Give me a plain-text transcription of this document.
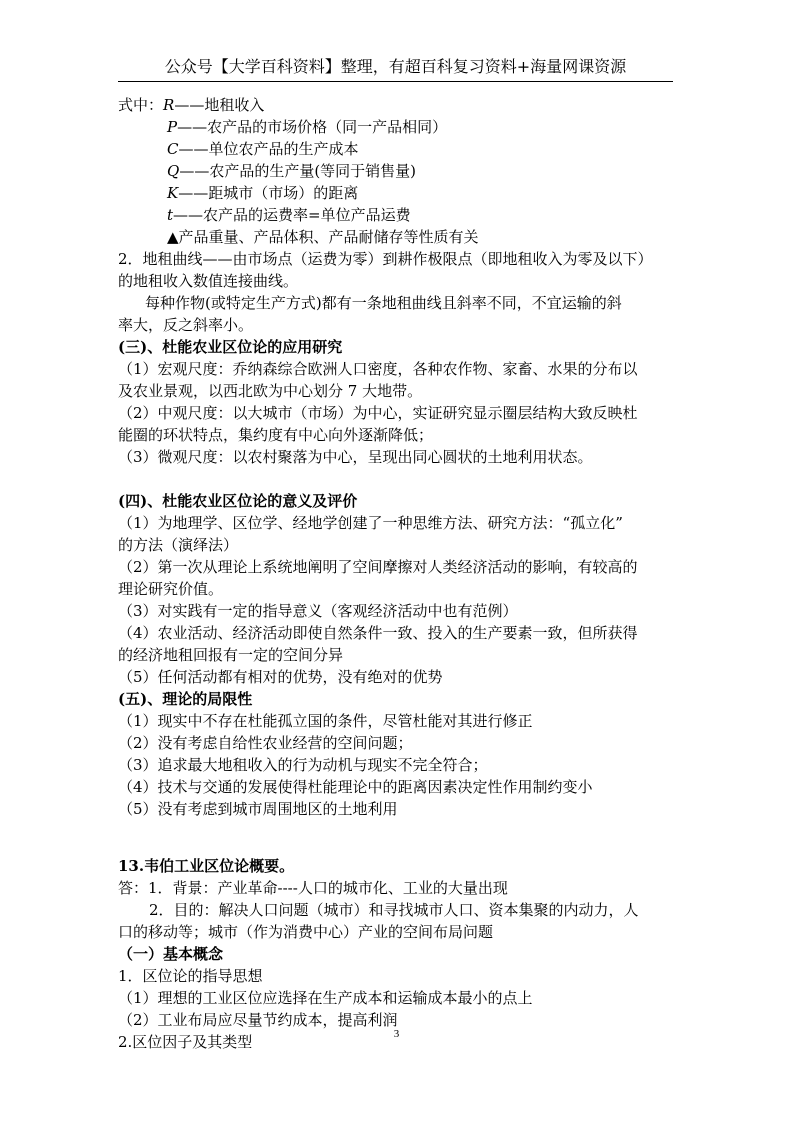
公众号【大学百科资料】整理，有超百科复习资料+海量网课资源
式中：R——地租收入
P——农产品的市场价格（同一产品相同）
C——单位农产品的生产成本
Q——农产品的生产量(等同于销售量)
K——距城市（市场）的距离
t——农产品的运费率=单位产品运费
▲产品重量、产品体积、产品耐储存等性质有关
2．地租曲线——由市场点（运费为零）到耕作极限点（即地租收入为零及以下）
的地租收入数值连接曲线。
每种作物(或特定生产方式)都有一条地租曲线且斜率不同，不宜运输的斜
率大，反之斜率小。
(三)、杜能农业区位论的应用研究
（1）宏观尺度：乔纳森综合欧洲人口密度，各种农作物、家畜、水果的分布以
及农业景观，以西北欧为中心划分 7 大地带。
（2）中观尺度：以大城市（市场）为中心，实证研究显示圈层结构大致反映杜
能圈的环状特点，集约度有中心向外逐渐降低；
（3）微观尺度：以农村聚落为中心，呈现出同心圆状的土地利用状态。
(四)、杜能农业区位论的意义及评价
（1）为地理学、区位学、经地学创建了一种思维方法、研究方法：“孤立化”
的方法（演绎法）
（2）第一次从理论上系统地阐明了空间摩擦对人类经济活动的影响，有较高的
理论研究价值。
（3）对实践有一定的指导意义（客观经济活动中也有范例）
（4）农业活动、经济活动即使自然条件一致、投入的生产要素一致，但所获得
的经济地租回报有一定的空间分异
（5）任何活动都有相对的优势，没有绝对的优势
(五)、理论的局限性
（1）现实中不存在杜能孤立国的条件，尽管杜能对其进行修正
（2）没有考虑自给性农业经营的空间问题；
（3）追求最大地租收入的行为动机与现实不完全符合；
（4）技术与交通的发展使得杜能理论中的距离因素决定性作用制约变小
（5）没有考虑到城市周围地区的土地利用
13.韦伯工业区位论概要。
答：1．背景：产业革命----人口的城市化、工业的大量出现
2．目的：解决人口问题（城市）和寻找城市人口、资本集聚的内动力，人
口的移动等；城市（作为消费中心）产业的空间布局问题
（一）基本概念
1．区位论的指导思想
（1）理想的工业区位应选择在生产成本和运输成本最小的点上
（2）工业布局应尽量节约成本，提高利润
2.区位因子及其类型	3
